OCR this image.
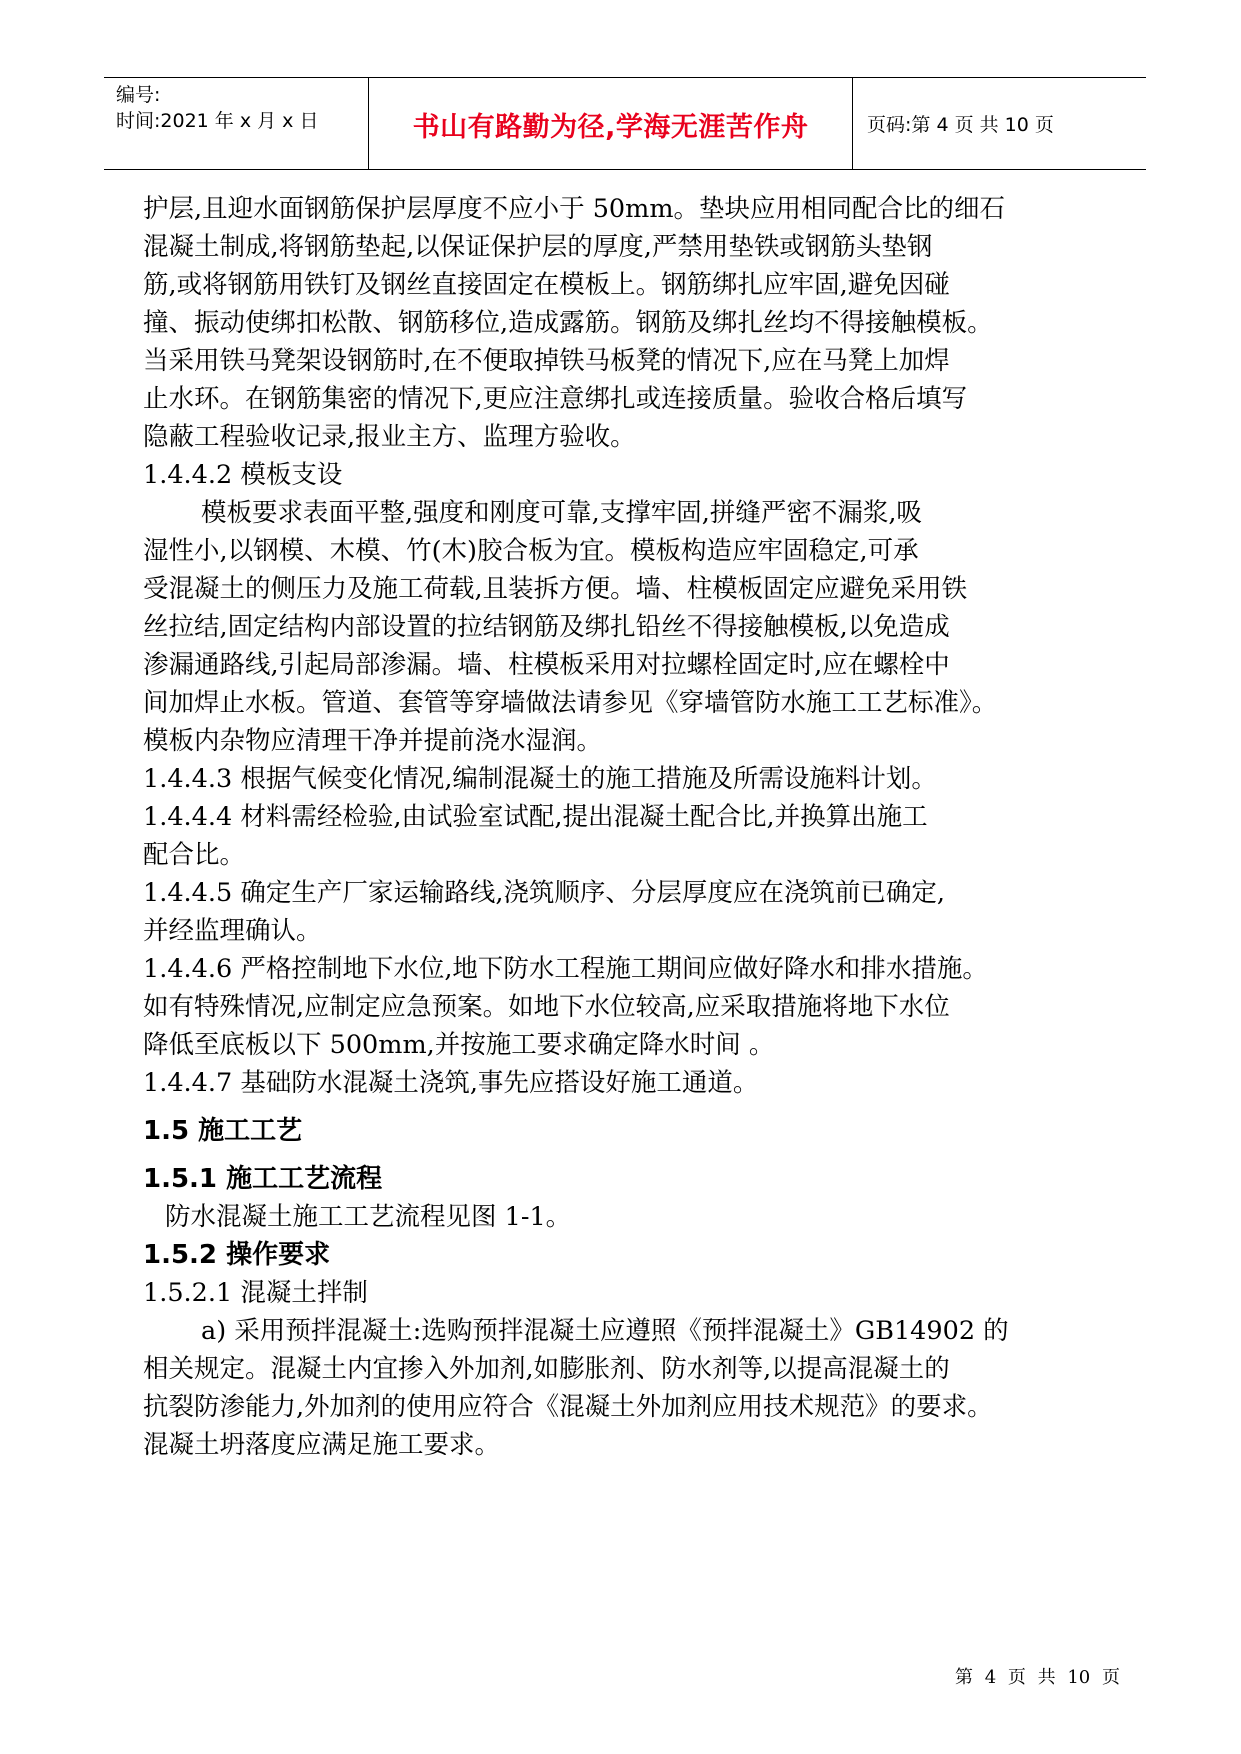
编号:
时间:2021 年 x 月 x 日	书山有路勤为径,学海无涯苦作舟	页码:第 4 页 共 10 页
护层,且迎水面钢筋保护层厚度不应小于 50mm。垫块应用相同配合比的细石
混凝土制成,将钢筋垫起,以保证保护层的厚度,严禁用垫铁或钢筋头垫钢
筋,或将钢筋用铁钉及钢丝直接固定在模板上。钢筋绑扎应牢固,避免因碰
撞、振动使绑扣松散、钢筋移位,造成露筋。钢筋及绑扎丝均不得接触模板。
当采用铁马凳架设钢筋时,在不便取掉铁马板凳的情况下,应在马凳上加焊
止水环。在钢筋集密的情况下,更应注意绑扎或连接质量。验收合格后填写
隐蔽工程验收记录,报业主方、监理方验收。
1.4.4.2 模板支设
模板要求表面平整,强度和刚度可靠,支撑牢固,拼缝严密不漏浆,吸
湿性小,以钢模、木模、竹(木)胶合板为宜。模板构造应牢固稳定,可承
受混凝土的侧压力及施工荷载,且装拆方便。墙、柱模板固定应避免采用铁
丝拉结,固定结构内部设置的拉结钢筋及绑扎铅丝不得接触模板,以免造成
渗漏通路线,引起局部渗漏。墙、柱模板采用对拉螺栓固定时,应在螺栓中
间加焊止水板。管道、套管等穿墙做法请参见《穿墙管防水施工工艺标准》。
模板内杂物应清理干净并提前浇水湿润。
1.4.4.3 根据气候变化情况,编制混凝土的施工措施及所需设施料计划。
1.4.4.4 材料需经检验,由试验室试配,提出混凝土配合比,并换算出施工
配合比。
1.4.4.5 确定生产厂家运输路线,浇筑顺序、分层厚度应在浇筑前已确定,
并经监理确认。
1.4.4.6 严格控制地下水位,地下防水工程施工期间应做好降水和排水措施。
如有特殊情况,应制定应急预案。如地下水位较高,应采取措施将地下水位
降低至底板以下 500mm,并按施工要求确定降水时间 。
1.4.4.7 基础防水混凝土浇筑,事先应搭设好施工通道。
1.5 施工工艺
1.5.1 施工工艺流程
防水混凝土施工工艺流程见图 1-1。
1.5.2 操作要求
1.5.2.1 混凝土拌制
a) 采用预拌混凝土:选购预拌混凝土应遵照《预拌混凝土》GB14902 的
相关规定。混凝土内宜掺入外加剂,如膨胀剂、防水剂等,以提高混凝土的
抗裂防渗能力,外加剂的使用应符合《混凝土外加剂应用技术规范》的要求。
混凝土坍落度应满足施工要求。
第 4 页 共 10 页
